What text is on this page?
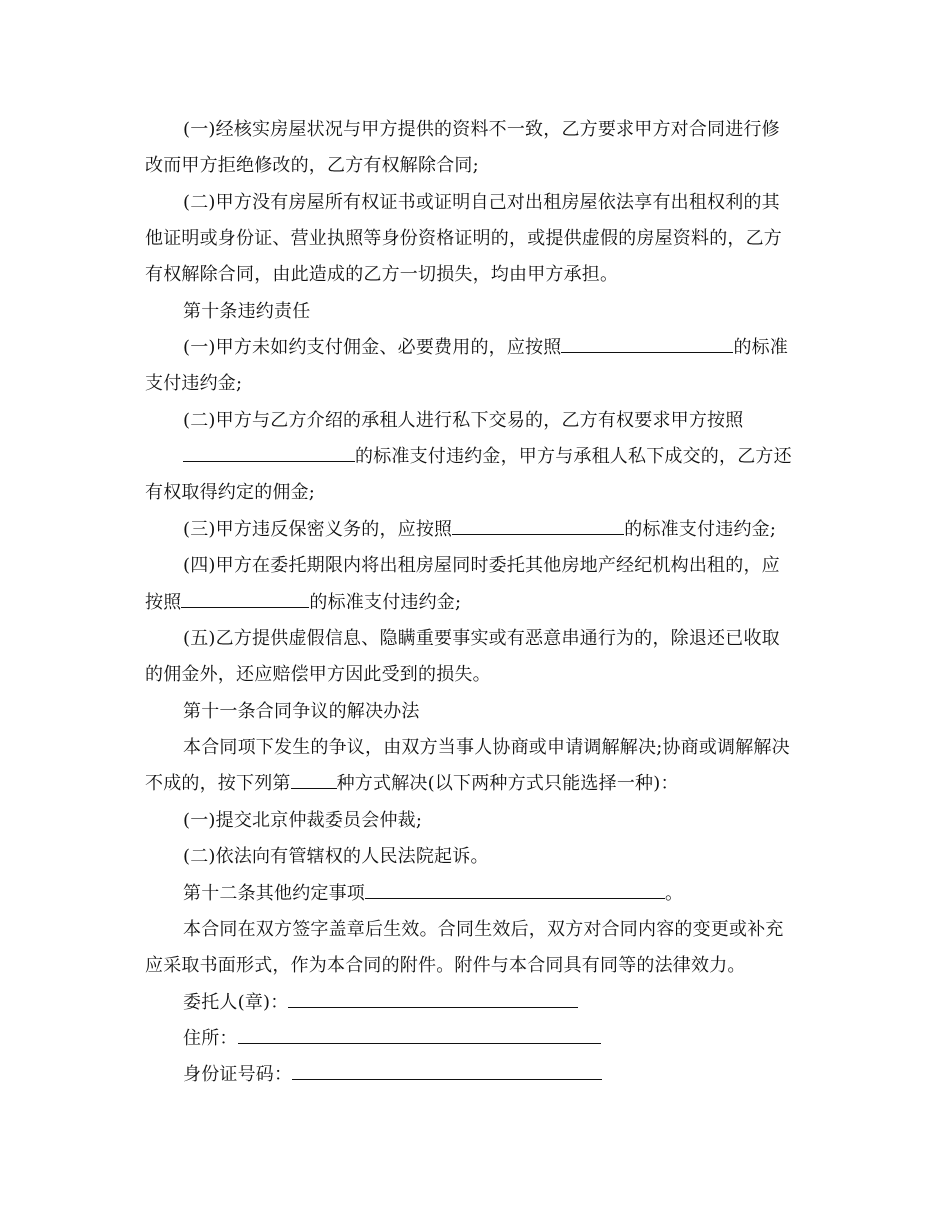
(一)经核实房屋状况与甲方提供的资料不一致，乙方要求甲方对合同进行修
改而甲方拒绝修改的，乙方有权解除合同;
(二)甲方没有房屋所有权证书或证明自己对出租房屋依法享有出租权利的其
他证明或身份证、营业执照等身份资格证明的，或提供虚假的房屋资料的，乙方
有权解除合同，由此造成的乙方一切损失，均由甲方承担。
第十条违约责任
(一)甲方未如约支付佣金、必要费用的，应按照	的标准
支付违约金;
(二)甲方与乙方介绍的承租人进行私下交易的，乙方有权要求甲方按照
的标准支付违约金，甲方与承租人私下成交的，乙方还
有权取得约定的佣金;
(三)甲方违反保密义务的，应按照	的标准支付违约金;
(四)甲方在委托期限内将出租房屋同时委托其他房地产经纪机构出租的，应
按照	的标准支付违约金;
(五)乙方提供虚假信息、隐瞒重要事实或有恶意串通行为的，除退还已收取
的佣金外，还应赔偿甲方因此受到的损失。
第十一条合同争议的解决办法
本合同项下发生的争议，由双方当事人协商或申请调解解决;协商或调解解决
不成的，按下列第	种方式解决(以下两种方式只能选择一种)：
(一)提交北京仲裁委员会仲裁;
(二)依法向有管辖权的人民法院起诉。
第十二条其他约定事项	。
本合同在双方签字盖章后生效。合同生效后，双方对合同内容的变更或补充
应采取书面形式，作为本合同的附件。附件与本合同具有同等的法律效力。
委托人(章)：
住所：
身份证号码：
